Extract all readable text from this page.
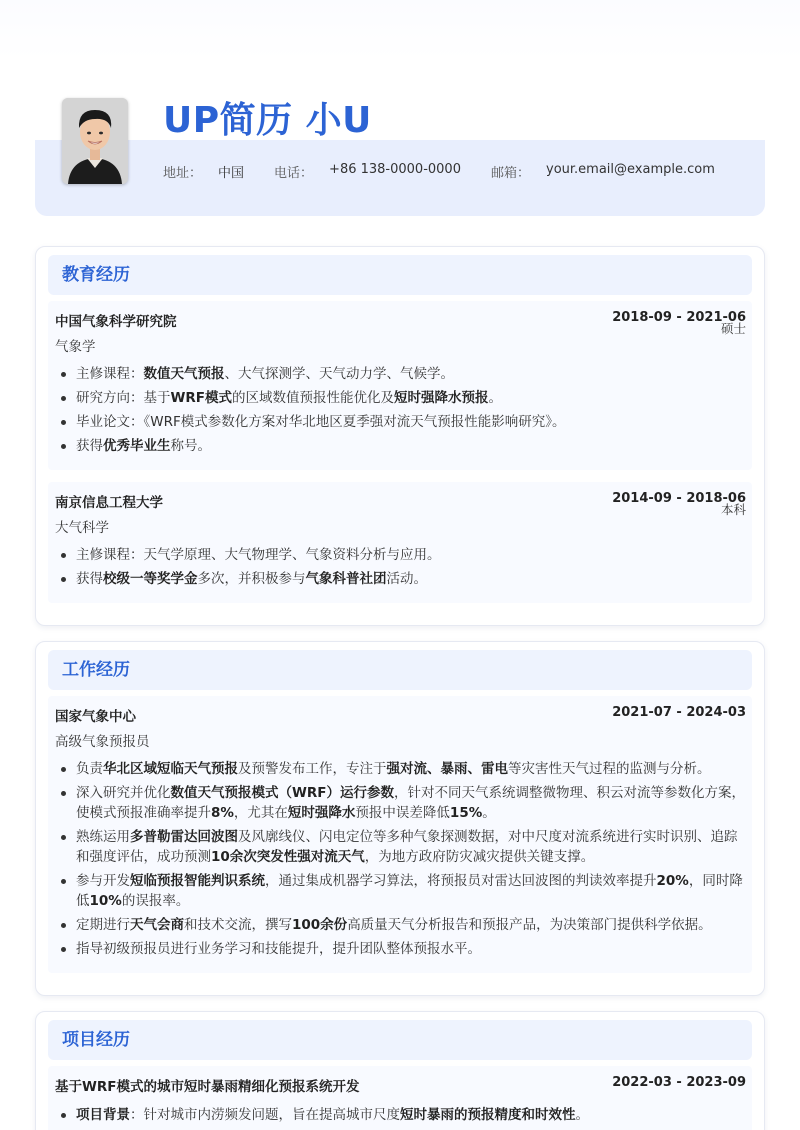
UP简历 小U
地址： 中国 电话： +86 138-0000-0000 邮箱： your.email@example.com
教育经历
中国气象科学研究院	2018-09 - 2021-06
气象学
硕士
主修课程：数值天气预报、大气探测学、天气动力学、气候学。
研究方向：基于WRF模式的区域数值预报性能优化及短时强降水预报。
毕业论文：《WRF模式参数化方案对华北地区夏季强对流天气预报性能影响研究》。
获得优秀毕业生称号。
南京信息工程大学	2014-09 - 2018-06
大气科学
本科
主修课程：天气学原理、大气物理学、气象资料分析与应用。
获得校级一等奖学金多次，并积极参与气象科普社团活动。
工作经历
国家气象中心	2021-07 - 2024-03
高级气象预报员
负责华北区域短临天气预报及预警发布工作，专注于强对流、暴雨、雷电等灾害性天气过程的监测与分析。
深入研究并优化数值天气预报模式（WRF）运行参数，针对不同天气系统调整微物理、积云对流等参数化方案，使模式预报准确率提升8%，尤其在短时强降水预报中误差降低15%。
熟练运用多普勒雷达回波图及风廓线仪、闪电定位等多种气象探测数据，对中尺度对流系统进行实时识别、追踪和强度评估，成功预测10余次突发性强对流天气，为地方政府防灾减灾提供关键支撑。
参与开发短临预报智能判识系统，通过集成机器学习算法，将预报员对雷达回波图的判读效率提升20%，同时降低10%的误报率。
定期进行天气会商和技术交流，撰写100余份高质量天气分析报告和预报产品，为决策部门提供科学依据。
指导初级预报员进行业务学习和技能提升，提升团队整体预报水平。
项目经历
基于WRF模式的城市短时暴雨精细化预报系统开发	2022-03 - 2023-09
项目背景：针对城市内涝频发问题，旨在提高城市尺度短时暴雨的预报精度和时效性。
